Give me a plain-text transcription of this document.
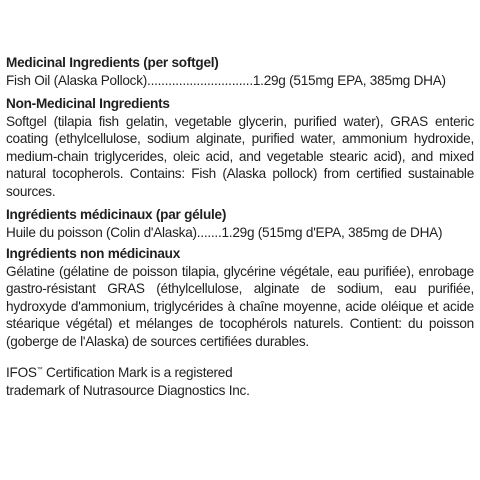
Medicinal Ingredients (per softgel)

Fish Oil (Alaska Pollock)..............................1.29g (515mg EPA, 385mg DHA)

Non-Medicinal Ingredients

Softgel (tilapia fish gelatin, vegetable glycerin, purified water), GRAS enteric coating (ethylcellulose, sodium alginate, purified water, ammonium hydroxide, medium-chain triglycerides, oleic acid, and vegetable stearic acid), and mixed natural tocopherols. Contains: Fish (Alaska pollock) from certified sustainable sources.

Ingrédients médicinaux (par gélule)

Huile du poisson (Colin d'Alaska).......1.29g (515mg d'EPA, 385mg de DHA)

Ingrédients non médicinaux

Gélatine (gélatine de poisson tilapia, glycérine végétale, eau purifiée), enrobage gastro-résistant GRAS (éthylcellulose, alginate de sodium, eau purifiée, hydroxyde d'ammonium, triglycérides à chaîne moyenne, acide oléique et acide stéarique végétal) et mélanges de tocophérols naturels. Contient: du poisson (goberge de l'Alaska) de sources certifiées durables.

IFOS™ Certification Mark is a registered

trademark of Nutrasource Diagnostics Inc.
